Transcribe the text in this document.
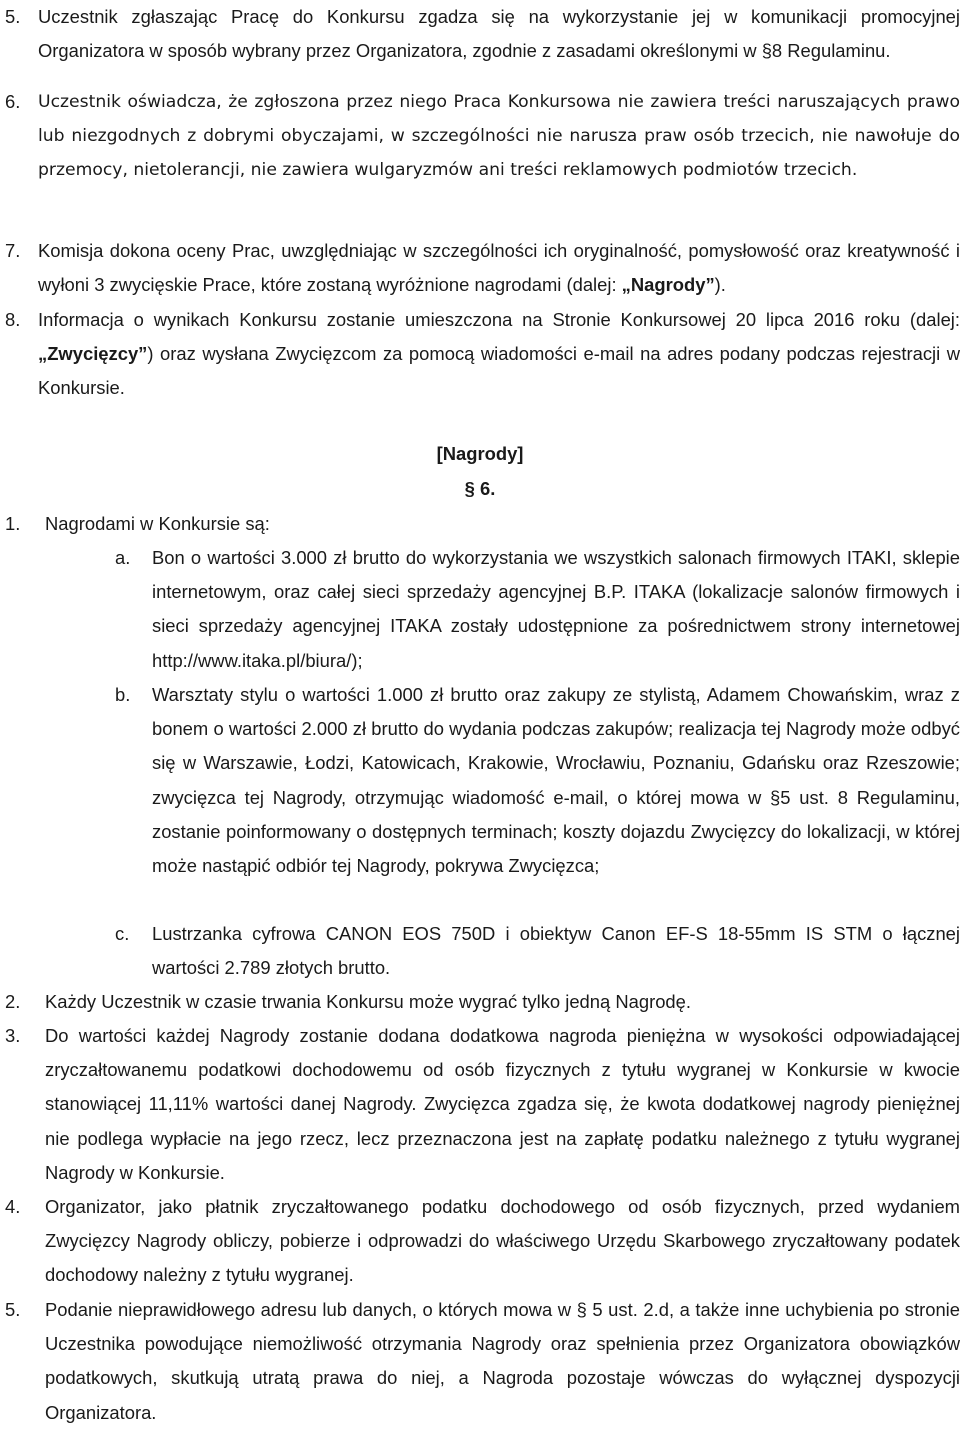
5. Uczestnik zgłaszając Pracę do Konkursu zgadza się na wykorzystanie jej w komunikacji promocyjnej Organizatora w sposób wybrany przez Organizatora, zgodnie z zasadami określonymi w §8 Regulaminu.
6. Uczestnik oświadcza, że zgłoszona przez niego Praca Konkursowa nie zawiera treści naruszających prawo lub niezgodnych z dobrymi obyczajami, w szczególności nie narusza praw osób trzecich, nie nawołuje do przemocy, nietolerancji, nie zawiera wulgaryzmów ani treści reklamowych podmiotów trzecich.
7. Komisja dokona oceny Prac, uwzględniając w szczególności ich oryginalność, pomysłowość oraz kreatywność i wyłoni 3 zwycięskie Prace, które zostaną wyróżnione nagrodami (dalej: „Nagrody”).
8. Informacja o wynikach Konkursu zostanie umieszczona na Stronie Konkursowej 20 lipca 2016 roku (dalej: „Zwycięzcy”) oraz wysłana Zwycięzcom za pomocą wiadomości e-mail na adres podany podczas rejestracji w Konkursie.
[Nagrody]
§ 6.
1. Nagrodami w Konkursie są:
a. Bon o wartości 3.000 zł brutto do wykorzystania we wszystkich salonach firmowych ITAKI, sklepie internetowym, oraz całej sieci sprzedaży agencyjnej B.P. ITAKA (lokalizacje salonów firmowych i sieci sprzedaży agencyjnej ITAKA zostały udostępnione za pośrednictwem strony internetowej http://www.itaka.pl/biura/);
b. Warsztaty stylu o wartości 1.000 zł brutto oraz zakupy ze stylistą, Adamem Chowańskim, wraz z bonem o wartości 2.000 zł brutto do wydania podczas zakupów; realizacja tej Nagrody może odbyć się w Warszawie, Łodzi, Katowicach, Krakowie, Wrocławiu, Poznaniu, Gdańsku oraz Rzeszowie; zwycięzca tej Nagrody, otrzymując wiadomość e-mail, o której mowa w §5 ust. 8 Regulaminu, zostanie poinformowany o dostępnych terminach; koszty dojazdu Zwycięzcy do lokalizacji, w której może nastąpić odbiór tej Nagrody, pokrywa Zwycięzca;
c. Lustrzanka cyfrowa CANON EOS 750D i obiektyw Canon EF-S 18-55mm IS STM o łącznej wartości 2.789 złotych brutto.
2. Każdy Uczestnik w czasie trwania Konkursu może wygrać tylko jedną Nagrodę.
3. Do wartości każdej Nagrody zostanie dodana dodatkowa nagroda pieniężna w wysokości odpowiadającej zryczałtowanemu podatkowi dochodowemu od osób fizycznych z tytułu wygranej w Konkursie w kwocie stanowiącej 11,11% wartości danej Nagrody. Zwycięzca zgadza się, że kwota dodatkowej nagrody pieniężnej nie podlega wypłacie na jego rzecz, lecz przeznaczona jest na zapłatę podatku należnego z tytułu wygranej Nagrody w Konkursie.
4. Organizator, jako płatnik zryczałtowanego podatku dochodowego od osób fizycznych, przed wydaniem Zwycięzcy Nagrody obliczy, pobierze i odprowadzi do właściwego Urzędu Skarbowego zryczałtowany podatek dochodowy należny z tytułu wygranej.
5. Podanie nieprawidłowego adresu lub danych, o których mowa w § 5 ust. 2.d, a także inne uchybienia po stronie Uczestnika powodujące niemożliwość otrzymania Nagrody oraz spełnienia przez Organizatora obowiązków podatkowych, skutkują utratą prawa do niej, a Nagroda pozostaje wówczas do wyłącznej dyspozycji Organizatora.
